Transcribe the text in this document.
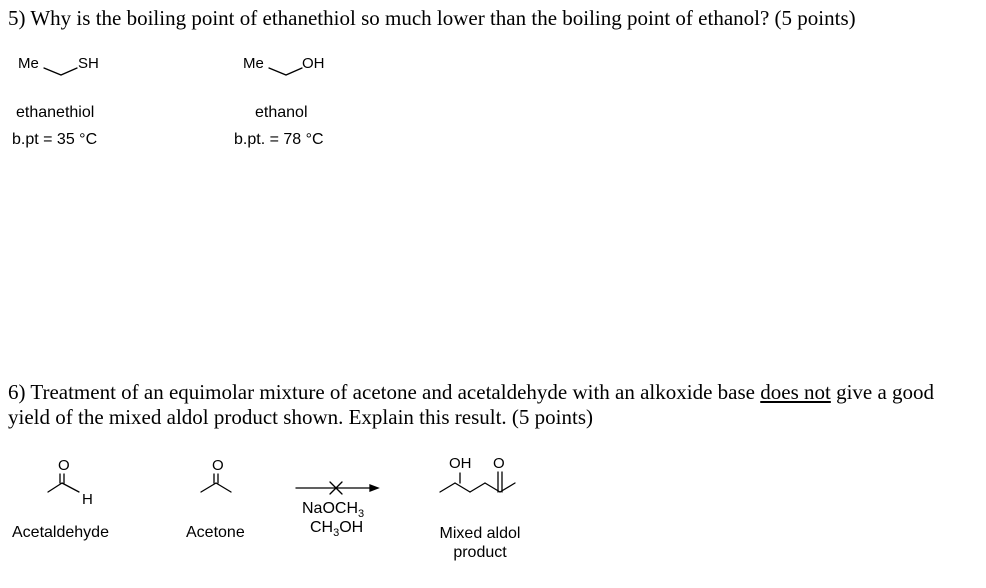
5) Why is the boiling point of ethanethiol so much lower than the boiling point of ethanol? (5 points)

Me	SH
ethanethiol
b.pt = 35 °C
Me	OH
ethanol
b.pt. = 78 °C

6) Treatment of an equimolar mixture of acetone and acetaldehyde with an alkoxide base does not give a good yield of the mixed aldol product shown. Explain this result. (5 points)

O
H
Acetaldehyde
O
Acetone
NaOCH$_3$
$CH_3OH$
OH O
Mixed aldol
product
